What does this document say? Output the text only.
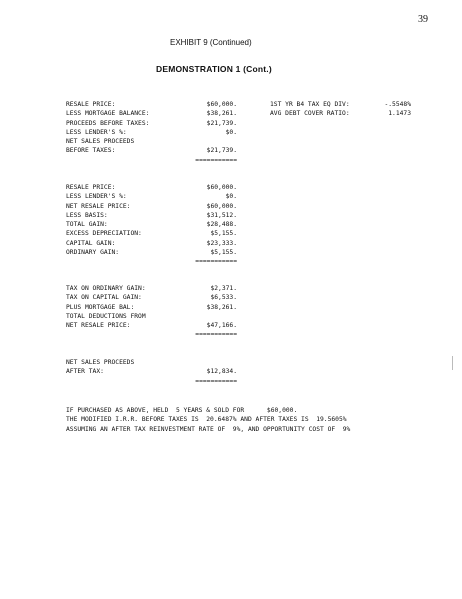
39
EXHIBIT 9 (Continued)
DEMONSTRATION 1 (Cont.)
RESALE PRICE:	$60,000.
LESS MORTGAGE BALANCE:	$38,261.
PROCEEDS BEFORE TAXES:	$21,739.
LESS LENDER'S %:	$0.
NET SALES PROCEEDS
BEFORE TAXES:	$21,739.
===========
1ST YR B4 TAX EQ DIV:	-.5548%
AVG DEBT COVER RATIO:	1.1473
RESALE PRICE:	$60,000.
LESS LENDER'S %:	$0.
NET RESALE PRICE:	$60,000.
LESS BASIS:	$31,512.
TOTAL GAIN:	$28,488.
EXCESS DEPRECIATION:	$5,155.
CAPITAL GAIN:	$23,333.
ORDINARY GAIN:	$5,155.
===========
TAX ON ORDINARY GAIN:	$2,371.
TAX ON CAPITAL GAIN:	$6,533.
PLUS MORTGAGE BAL:	$38,261.
TOTAL DEDUCTIONS FROM
NET RESALE PRICE:	$47,166.
===========
NET SALES PROCEEDS
AFTER TAX:	$12,834.
===========
IF PURCHASED AS ABOVE, HELD  5 YEARS & SOLD FOR      $60,000.
THE MODIFIED I.R.R. BEFORE TAXES IS  20.6487% AND AFTER TAXES IS  19.5605%
ASSUMING AN AFTER TAX REINVESTMENT RATE OF  9%, AND OPPORTUNITY COST OF  9%
